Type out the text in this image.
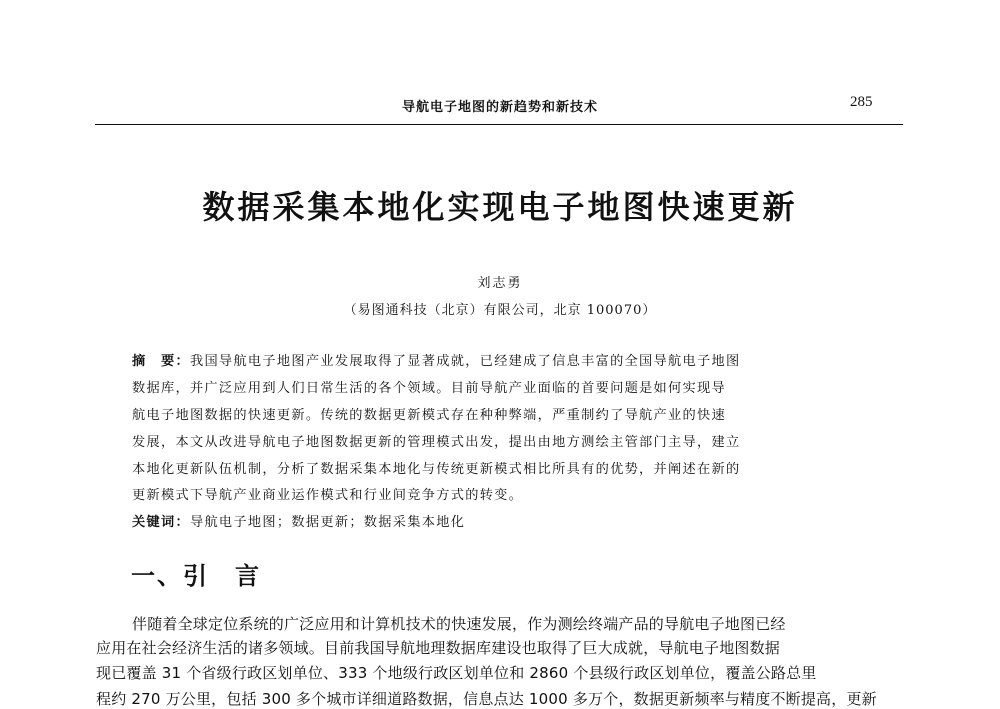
导航电子地图的新趋势和新技术	285
数据采集本地化实现电子地图快速更新
刘志勇
（易图通科技（北京）有限公司，北京 100070）
摘　要：我国导航电子地图产业发展取得了显著成就，已经建成了信息丰富的全国导航电子地图
数据库，并广泛应用到人们日常生活的各个领域。目前导航产业面临的首要问题是如何实现导
航电子地图数据的快速更新。传统的数据更新模式存在种种弊端，严重制约了导航产业的快速
发展，本文从改进导航电子地图数据更新的管理模式出发，提出由地方测绘主管部门主导，建立
本地化更新队伍机制，分析了数据采集本地化与传统更新模式相比所具有的优势，并阐述在新的
更新模式下导航产业商业运作模式和行业间竞争方式的转变。
关键词：导航电子地图；数据更新；数据采集本地化
一、引　言
伴随着全球定位系统的广泛应用和计算机技术的快速发展，作为测绘终端产品的导航电子地图已经
应用在社会经济生活的诸多领域。目前我国导航地理数据库建设也取得了巨大成就，导航电子地图数据
现已覆盖 31 个省级行政区划单位、333 个地级行政区划单位和 2860 个县级行政区划单位，覆盖公路总里
程约 270 万公里，包括 300 多个城市详细道路数据，信息点达 1000 多万个，数据更新频率与精度不断提高，更新
